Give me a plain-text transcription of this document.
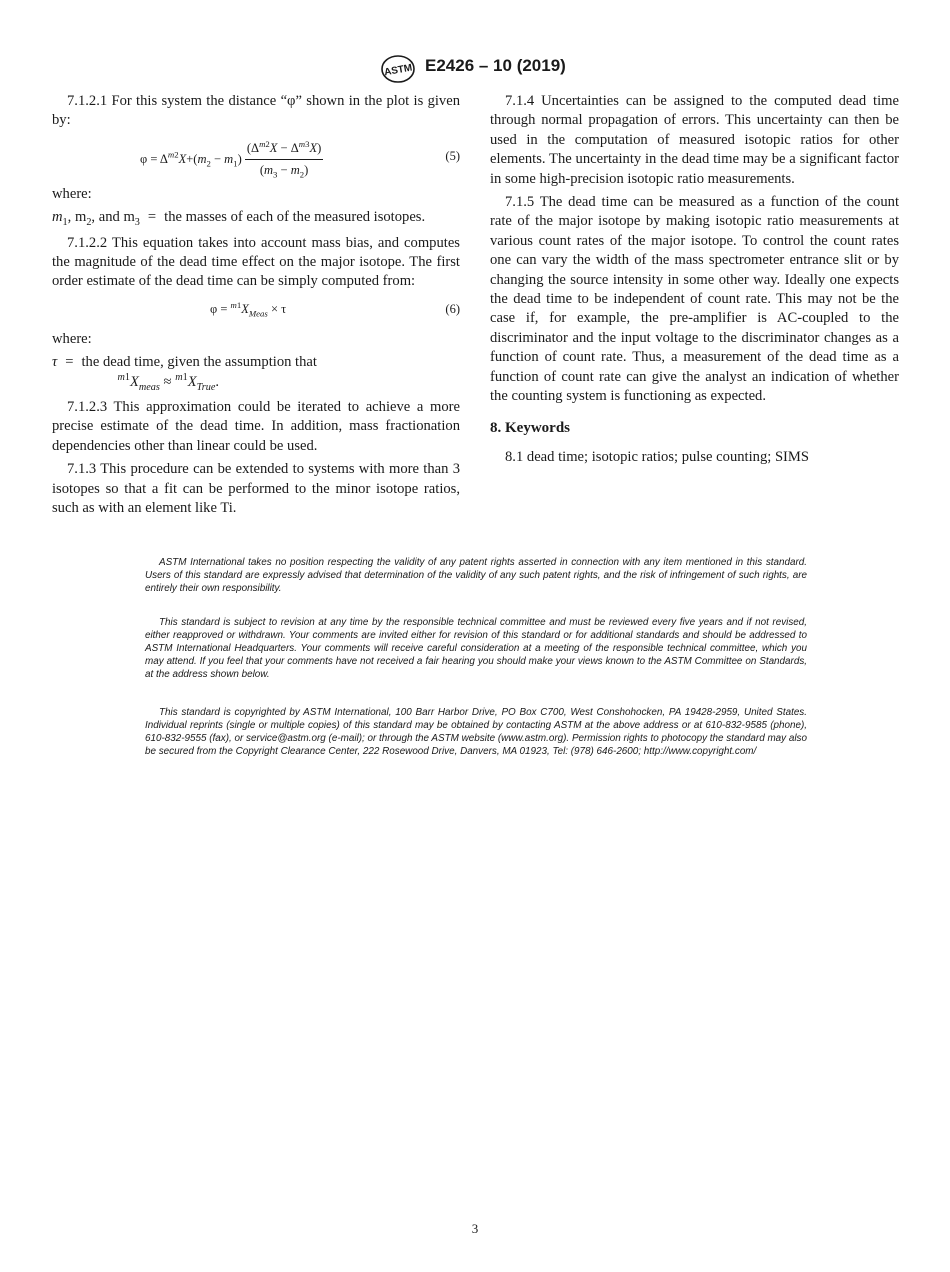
ASTM E2426 – 10 (2019)

7.1.2.1 For this system the distance “φ” shown in the plot is given by:

$\varphi = \Delta^{m2}X+(m_2 - m_1) \frac{(\Delta^{m2}X - \Delta^{m3}X)}{(m_3 - m_2)}$	(5)

where:

$m_1$, $m_2$, and $m_3$ = the masses of each of the measured isotopes.

7.1.2.2 This equation takes into account mass bias, and computes the magnitude of the dead time effect on the major isotope. The first order estimate of the dead time can be simply computed from:

$\varphi = ^{m1}X_{Meas} \times \tau$	(6)

where:

τ = the dead time, given the assumption that
$^{m1}X_{meas} \approx ^{m1}X_{True}$.

7.1.2.3 This approximation could be iterated to achieve a more precise estimate of the dead time. In addition, mass fractionation dependencies other than linear could be used.

7.1.3 This procedure can be extended to systems with more than 3 isotopes so that a fit can be performed to the minor isotope ratios, such as with an element like Ti.

7.1.4 Uncertainties can be assigned to the computed dead time through normal propagation of errors. This uncertainty can then be used in the computation of measured isotopic ratios for other elements. The uncertainty in the dead time may be a significant factor in some high-precision isotopic ratio measurements.

7.1.5 The dead time can be measured as a function of the count rate of the major isotope by making isotopic ratio measurements at various count rates of the major isotope. To control the count rates one can vary the width of the mass spectrometer entrance slit or by changing the source intensity in some other way. Ideally one expects the dead time to be independent of count rate. This may not be the case if, for example, the pre-amplifier is AC-coupled to the discriminator and the input voltage to the discriminator changes as a function of count rate. Thus, a measurement of the dead time as a function of count rate can give the analyst an indication of whether the counting system is functioning as expected.

8. Keywords

8.1 dead time; isotopic ratios; pulse counting; SIMS

ASTM International takes no position respecting the validity of any patent rights asserted in connection with any item mentioned in this standard. Users of this standard are expressly advised that determination of the validity of any such patent rights, and the risk of infringement of such rights, are entirely their own responsibility.
This standard is subject to revision at any time by the responsible technical committee and must be reviewed every five years and if not revised, either reapproved or withdrawn. Your comments are invited either for revision of this standard or for additional standards and should be addressed to ASTM International Headquarters. Your comments will receive careful consideration at a meeting of the responsible technical committee, which you may attend. If you feel that your comments have not received a fair hearing you should make your views known to the ASTM Committee on Standards, at the address shown below.
This standard is copyrighted by ASTM International, 100 Barr Harbor Drive, PO Box C700, West Conshohocken, PA 19428-2959, United States. Individual reprints (single or multiple copies) of this standard may be obtained by contacting ASTM at the above address or at 610-832-9585 (phone), 610-832-9555 (fax), or service@astm.org (e-mail); or through the ASTM website (www.astm.org). Permission rights to photocopy the standard may also be secured from the Copyright Clearance Center, 222 Rosewood Drive, Danvers, MA 01923, Tel: (978) 646-2600; http://www.copyright.com/
3
